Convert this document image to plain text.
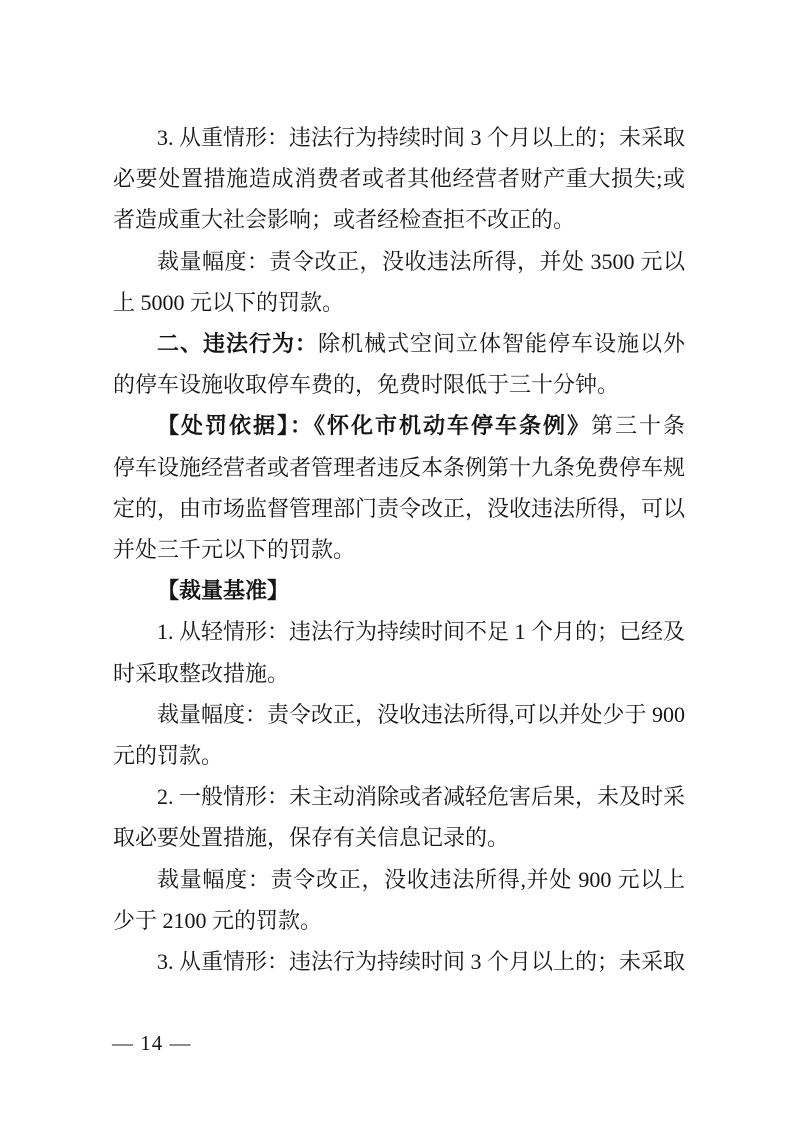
3. 从重情形：违法行为持续时间 3 个月以上的；未采取必要处置措施造成消费者或者其他经营者财产重大损失;或者造成重大社会影响；或者经检查拒不改正的。

裁量幅度：责令改正，没收违法所得，并处 3500 元以上 5000 元以下的罚款。

二、违法行为：除机械式空间立体智能停车设施以外的停车设施收取停车费的，免费时限低于三十分钟。

【处罚依据】：《怀化市机动车停车条例》第三十条　停车设施经营者或者管理者违反本条例第十九条免费停车规定的，由市场监督管理部门责令改正，没收违法所得，可以并处三千元以下的罚款。

【裁量基准】

1. 从轻情形：违法行为持续时间不足 1 个月的；已经及时采取整改措施。

裁量幅度：责令改正，没收违法所得,可以并处少于 900 元的罚款。

2. 一般情形：未主动消除或者减轻危害后果，未及时采取必要处置措施，保存有关信息记录的。

裁量幅度：责令改正，没收违法所得,并处 900 元以上少于 2100 元的罚款。

3. 从重情形：违法行为持续时间 3 个月以上的；未采取

— 14 —
